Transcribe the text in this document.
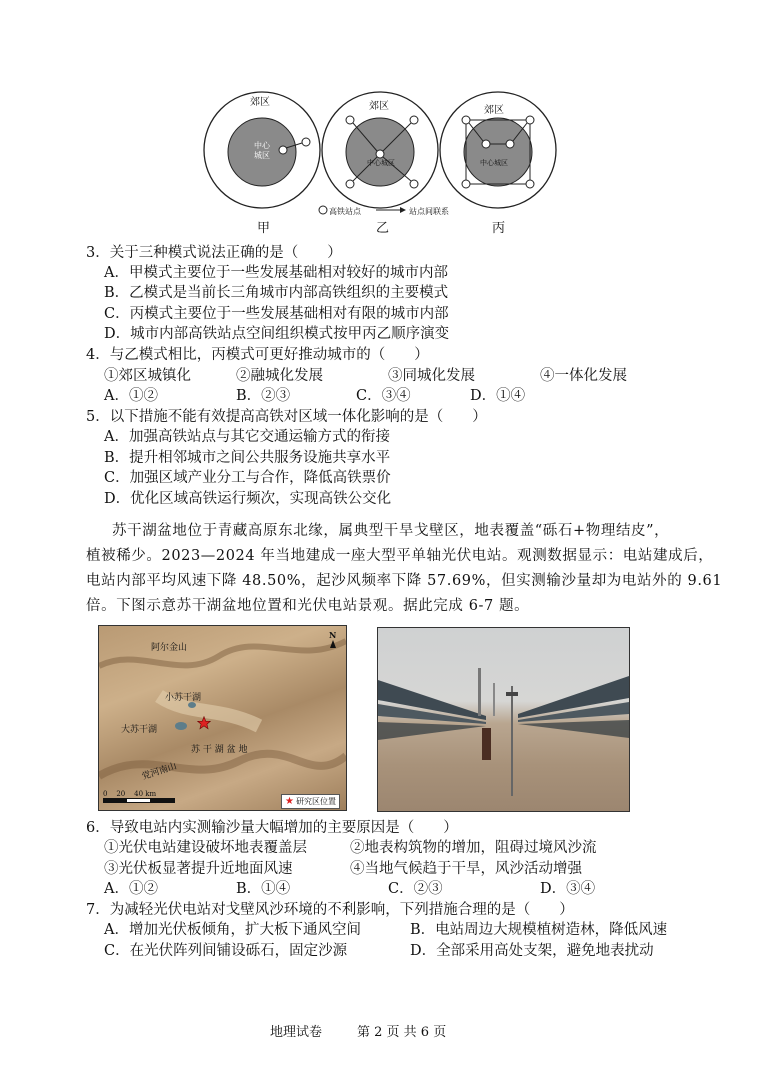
郊区
中心
城区
郊区
中心城区
郊区
中心城区
高铁站点	站点间联系
甲	乙	丙
3．关于三种模式说法正确的是（　　）
A．甲模式主要位于一些发展基础相对较好的城市内部
B．乙模式是当前长三角城市内部高铁组织的主要模式
C．丙模式主要位于一些发展基础相对有限的城市内部
D．城市内部高铁站点空间组织模式按甲丙乙顺序演变
4．与乙模式相比，丙模式可更好推动城市的（　　）
①郊区城镇化	②融城化发展	③同城化发展	④一体化发展
A．①②	B．②③	C．③④	D．①④
5．以下措施不能有效提高高铁对区域一体化影响的是（　　）
A．加强高铁站点与其它交通运输方式的衔接
B．提升相邻城市之间公共服务设施共享水平
C．加强区域产业分工与合作，降低高铁票价
D．优化区域高铁运行频次，实现高铁公交化
苏干湖盆地位于青藏高原东北缘，属典型干旱戈壁区，地表覆盖“砾石+物理结皮”，
植被稀少。2023—2024 年当地建成一座大型平单轴光伏电站。观测数据显示：电站建成后，
电站内部平均风速下降 48.50%，起沙风频率下降 57.69%，但实测输沙量却为电站外的 9.61
倍。下图示意苏干湖盆地位置和光伏电站景观。据此完成 6-7 题。
阿尔金山
小苏干湖
大苏干湖
苏 干 湖 盆 地
党河南山
N
0    20    40 km
★ 研究区位置
6．导致电站内实测输沙量大幅增加的主要原因是（　　）
①光伏电站建设破坏地表覆盖层	②地表构筑物的增加，阻碍过境风沙流
③光伏板显著提升近地面风速	④当地气候趋于干旱，风沙活动增强
A．①②	B．①④	C．②③	D．③④
7．为减轻光伏电站对戈壁风沙环境的不利影响，下列措施合理的是（　　）
A．增加光伏板倾角，扩大板下通风空间	B．电站周边大规模植树造林，降低风速
C．在光伏阵列间铺设砾石，固定沙源	D．全部采用高处支架，避免地表扰动
地理试卷	第 2 页 共 6 页
